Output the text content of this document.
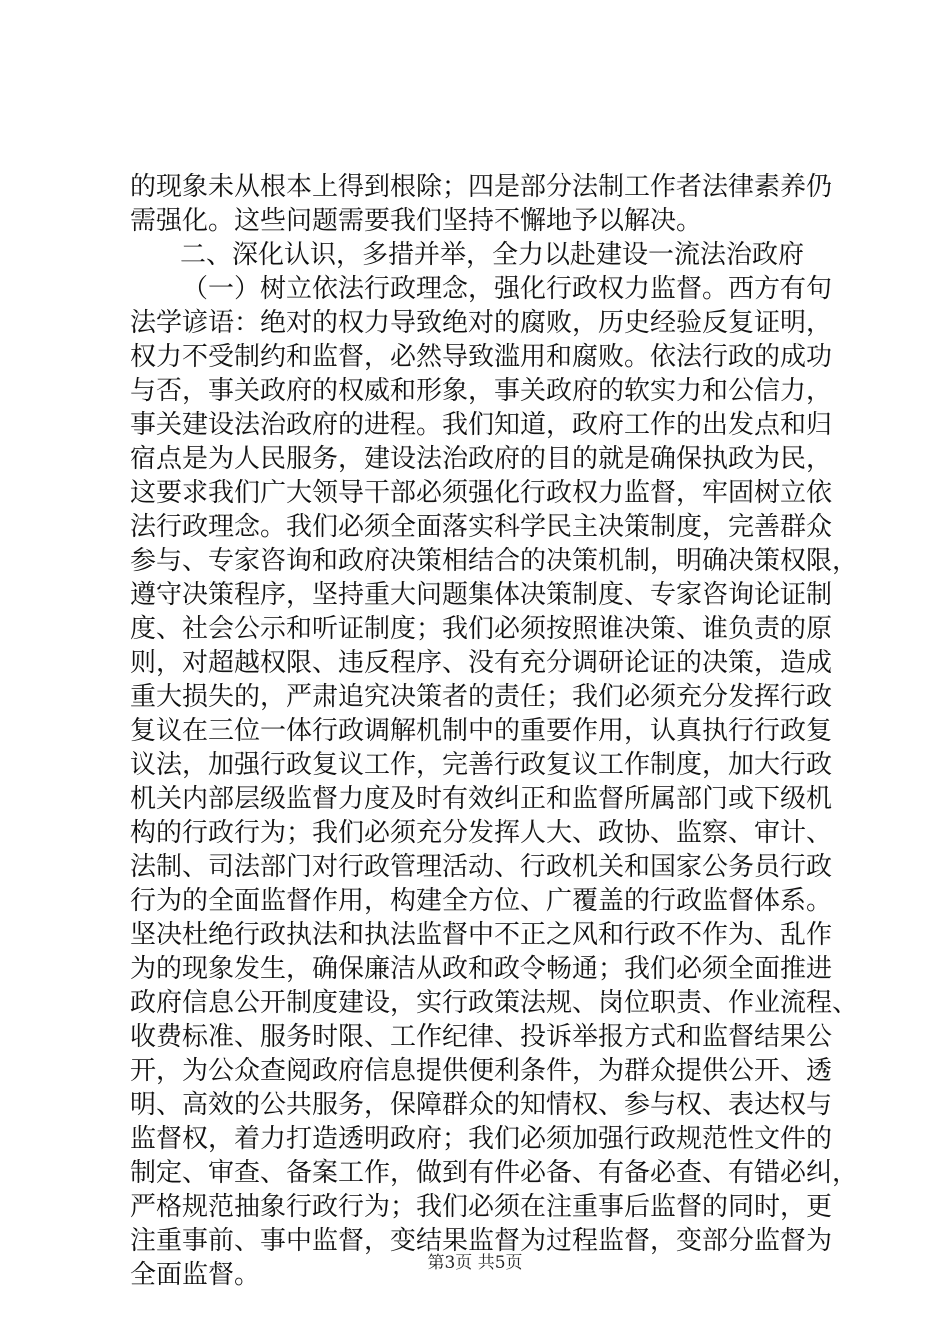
的现象未从根本上得到根除；四是部分法制工作者法律素养仍
需强化。这些问题需要我们坚持不懈地予以解决。
二、深化认识，多措并举，全力以赴建设一流法治政府
（一）树立依法行政理念，强化行政权力监督。西方有句
法学谚语：绝对的权力导致绝对的腐败，历史经验反复证明，
权力不受制约和监督，必然导致滥用和腐败。依法行政的成功
与否，事关政府的权威和形象，事关政府的软实力和公信力，
事关建设法治政府的进程。我们知道，政府工作的出发点和归
宿点是为人民服务，建设法治政府的目的就是确保执政为民，
这要求我们广大领导干部必须强化行政权力监督，牢固树立依
法行政理念。我们必须全面落实科学民主决策制度，完善群众
参与、专家咨询和政府决策相结合的决策机制，明确决策权限，
遵守决策程序，坚持重大问题集体决策制度、专家咨询论证制
度、社会公示和听证制度；我们必须按照谁决策、谁负责的原
则，对超越权限、违反程序、没有充分调研论证的决策，造成
重大损失的，严肃追究决策者的责任；我们必须充分发挥行政
复议在三位一体行政调解机制中的重要作用，认真执行行政复
议法，加强行政复议工作，完善行政复议工作制度，加大行政
机关内部层级监督力度及时有效纠正和监督所属部门或下级机
构的行政行为；我们必须充分发挥人大、政协、监察、审计、
法制、司法部门对行政管理活动、行政机关和国家公务员行政
行为的全面监督作用，构建全方位、广覆盖的行政监督体系。
坚决杜绝行政执法和执法监督中不正之风和行政不作为、乱作
为的现象发生，确保廉洁从政和政令畅通；我们必须全面推进
政府信息公开制度建设，实行政策法规、岗位职责、作业流程、
收费标准、服务时限、工作纪律、投诉举报方式和监督结果公
开，为公众查阅政府信息提供便利条件，为群众提供公开、透
明、高效的公共服务，保障群众的知情权、参与权、表达权与
监督权，着力打造透明政府；我们必须加强行政规范性文件的
制定、审查、备案工作，做到有件必备、有备必查、有错必纠，
严格规范抽象行政行为；我们必须在注重事后监督的同时，更
注重事前、事中监督，变结果监督为过程监督，变部分监督为
全面监督。	第3页 共5页
